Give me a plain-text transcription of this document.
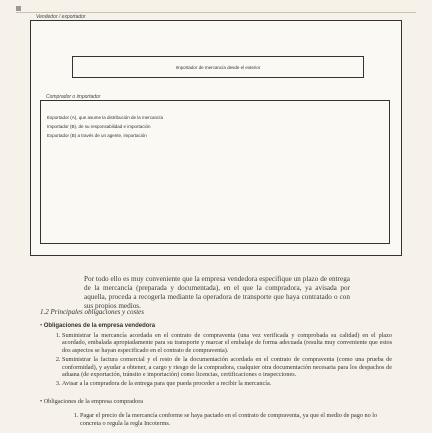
Vendedor / exportador
Importador de mercancía desde el exterior
Exportador (A), que asume la distribución de la mercancía
Importador (B), de su responsabilidad e importación
Exportador (B) a través de un agente, importación
Comprador o importador

Por todo ello es muy conveniente que la empresa vendedora especifique un plazo de entrega de la mercancía (preparada y documentada), en el que la compradora, ya avisada por aquella, proceda a recogerla mediante la operadora de transporte que haya contratado o con sus propios medios.

1.2 Principales obligaciones y costes
• Obligaciones de la empresa vendedora
1. Suministrar la mercancía acordada en el contrato de compraventa (una vez verificada y comprobada su calidad) en el plazo acordado, embalada apropiadamente para su transporte y marcar el embalaje de forma adecuada (resulta muy conveniente que estos dos aspectos se hayan especificado en el contrato de compraventa).
2. Suministrar la factura comercial y el resto de la documentación acordada en el contrato de compraventa (como una prueba de conformidad), y ayudar a obtener, a cargo y riesgo de la compradora, cualquier otra documentación necesaria para los despachos de aduana (de exportación, tránsito e importación) como licencias, certificaciones o inspecciones.
3. Avisar a la compradora de la entrega para que pueda proceder a recibir la mercancía.
• Obligaciones de la empresa compradora
1. Pagar el precio de la mercancía conforme se haya pactado en el contrato de compraventa, ya que el medio de pago no lo concreta o regula la regla Incoterms.
